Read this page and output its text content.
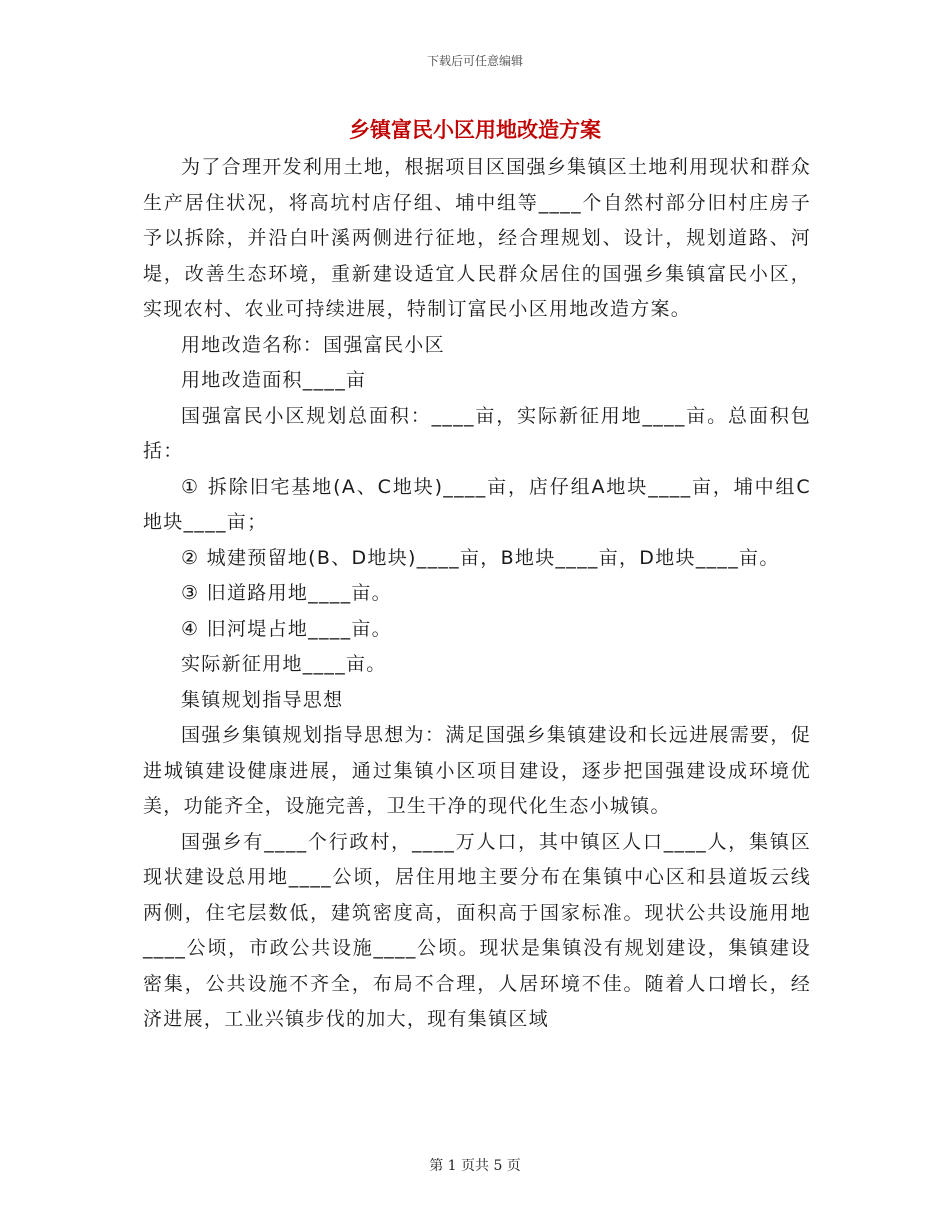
下载后可任意编辑
乡镇富民小区用地改造方案

为了合理开发利用土地，根据项目区国强乡集镇区土地利用现状和群众生产居住状况，将高坑村店仔组、埔中组等____个自然村部分旧村庄房子予以拆除，并沿白叶溪两侧进行征地，经合理规划、设计，规划道路、河堤，改善生态环境，重新建设适宜人民群众居住的国强乡集镇富民小区，实现农村、农业可持续进展，特制订富民小区用地改造方案。

用地改造名称：国强富民小区

用地改造面积____亩

国强富民小区规划总面积：____亩，实际新征用地____亩。总面积包括：

① 拆除旧宅基地(A、C地块)____亩，店仔组A地块____亩，埔中组C地块____亩；

② 城建预留地(B、D地块)____亩，B地块____亩，D地块____亩。

③ 旧道路用地____亩。

④ 旧河堤占地____亩。

实际新征用地____亩。

集镇规划指导思想

国强乡集镇规划指导思想为：满足国强乡集镇建设和长远进展需要，促进城镇建设健康进展，通过集镇小区项目建设，逐步把国强建设成环境优美，功能齐全，设施完善，卫生干净的现代化生态小城镇。

国强乡有____个行政村，____万人口，其中镇区人口____人，集镇区现状建设总用地____公顷，居住用地主要分布在集镇中心区和县道坂云线两侧，住宅层数低，建筑密度高，面积高于国家标准。现状公共设施用地____公顷，市政公共设施____公顷。现状是集镇没有规划建设，集镇建设密集，公共设施不齐全，布局不合理，人居环境不佳。随着人口增长，经济进展，工业兴镇步伐的加大，现有集镇区域

第 1 页共 5 页
